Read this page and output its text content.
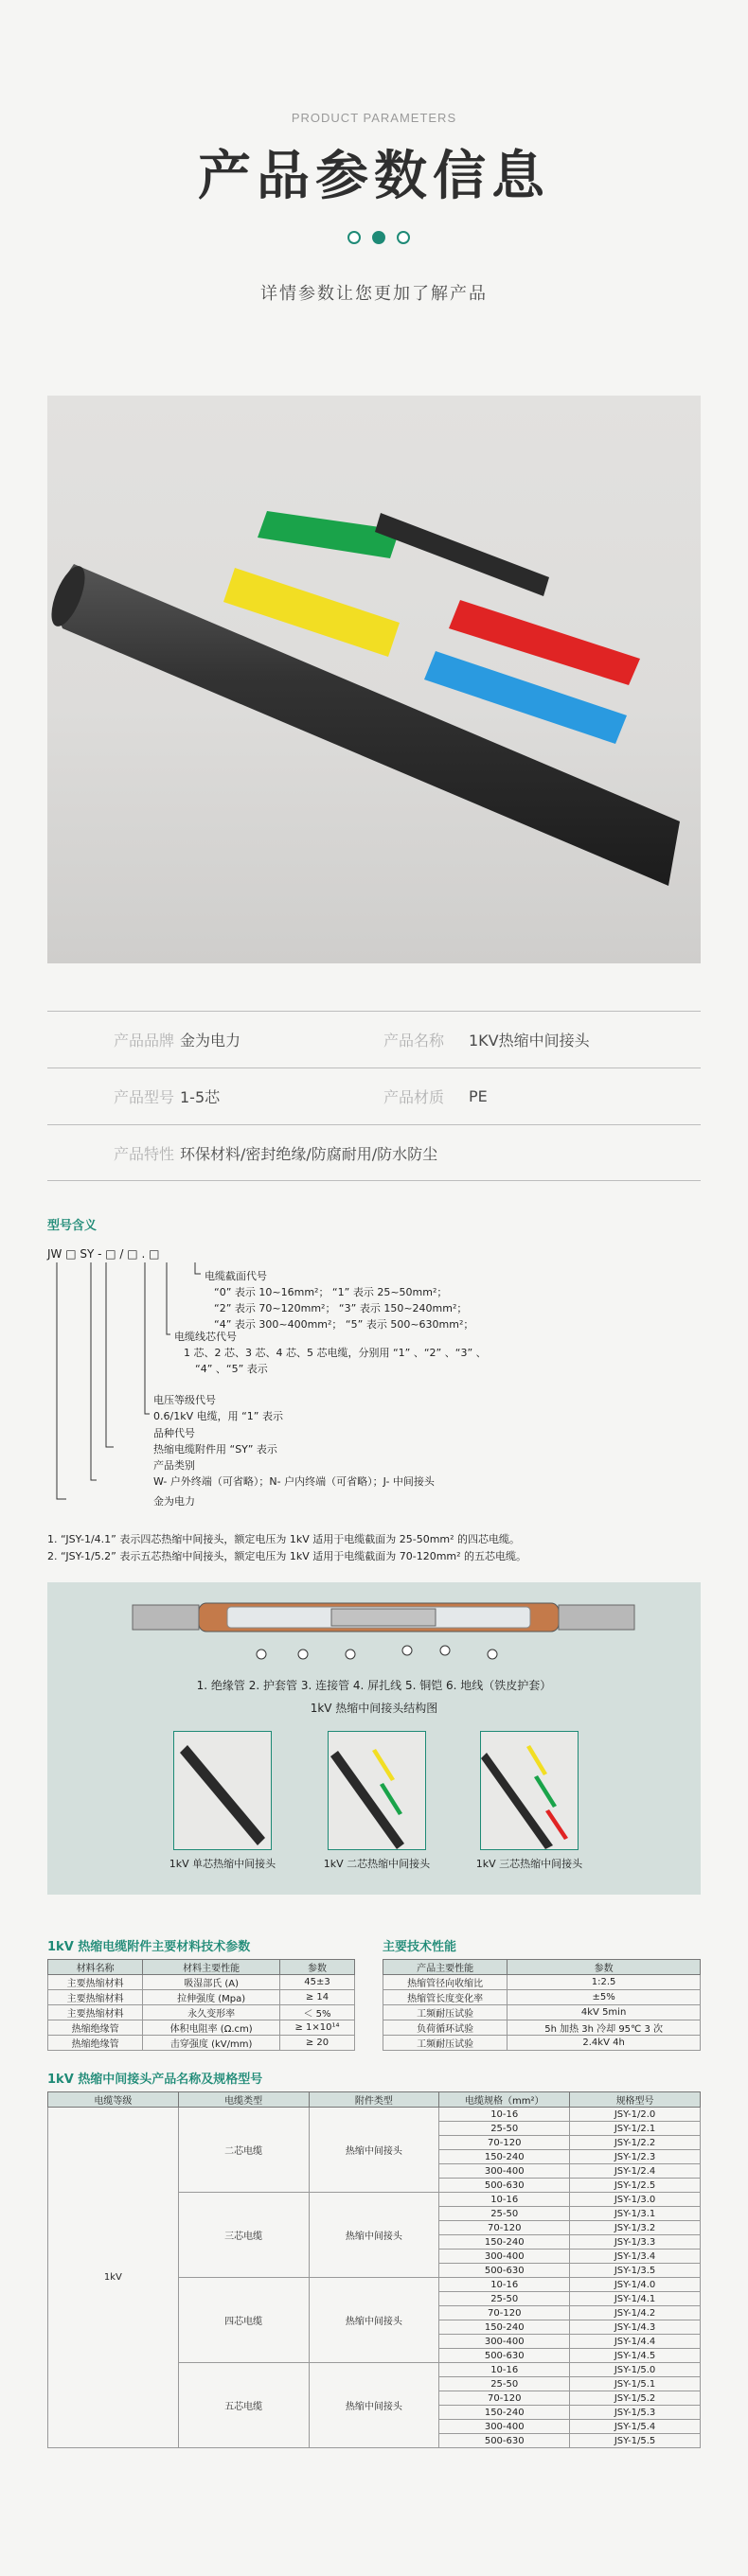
PRODUCT PARAMETERS
产品参数信息
详情参数让您更加了解产品
产品品牌 金为电力	产品名称	1KV热缩中间接头
产品型号 1-5芯	产品材质	PE
产品特性 环保材料/密封绝缘/防腐耐用/防水防尘
型号含义
JW □ SY - □ / □ . □
电缆截面代号
“0” 表示 10~16mm²； “1” 表示 25~50mm²；
“2” 表示 70~120mm²； “3” 表示 150~240mm²；
“4” 表示 300~400mm²； “5” 表示 500~630mm²；
电缆线芯代号
1 芯、2 芯、3 芯、4 芯、5 芯电缆，分别用 “1” 、“2” 、“3” 、
“4” 、“5” 表示
电压等级代号
0.6/1kV 电缆，用 “1” 表示
品种代号
热缩电缆附件用 “SY” 表示
产品类别
W- 户外终端（可省略）；N- 户内终端（可省略）；J- 中间接头
金为电力
1. “JSY-1/4.1” 表示四芯热缩中间接头，额定电压为 1kV 适用于电缆截面为 25-50mm² 的四芯电缆。
2. “JSY-1/5.2” 表示五芯热缩中间接头，额定电压为 1kV 适用于电缆截面为 70-120mm² 的五芯电缆。
1. 绝缘管 2. 护套管 3. 连接管 4. 屏扎线 5. 铜铠 6. 地线（铁皮护套）
1kV 热缩中间接头结构图
1kV 单芯热缩中间接头	1kV 二芯热缩中间接头	1kV 三芯热缩中间接头
1kV 热缩电缆附件主要材料技术参数
材料名称	材料主要性能	参数
主要热缩材料	吸湿部氏 (A)	45±3
主要热缩材料	拉伸强度 (Mpa)	≥ 14
主要热缩材料	永久变形率	＜ 5%
热缩绝缘管	体积电阻率 (Ω.cm)	≥ 1×10¹⁴
热缩绝缘管	击穿强度 (kV/mm)	≥ 20
主要技术性能
产品主要性能	参数
热缩管径向收缩比	1:2.5
热缩管长度变化率	±5%
工频耐压试验	4kV 5min
负荷循环试验	5h 加热 3h 冷却 95℃ 3 次
工频耐压试验	2.4kV 4h
1kV 热缩中间接头产品名称及规格型号
电缆等级	电缆类型	附件类型	电缆规格（mm²）	规格型号
1kV	二芯电缆	热缩中间接头	10-16	JSY-1/2.0
			25-50	JSY-1/2.1
			70-120	JSY-1/2.2
			150-240	JSY-1/2.3
			300-400	JSY-1/2.4
			500-630	JSY-1/2.5
	三芯电缆	热缩中间接头	10-16	JSY-1/3.0
			25-50	JSY-1/3.1
			70-120	JSY-1/3.2
			150-240	JSY-1/3.3
			300-400	JSY-1/3.4
			500-630	JSY-1/3.5
	四芯电缆	热缩中间接头	10-16	JSY-1/4.0
			25-50	JSY-1/4.1
			70-120	JSY-1/4.2
			150-240	JSY-1/4.3
			300-400	JSY-1/4.4
			500-630	JSY-1/4.5
	五芯电缆	热缩中间接头	10-16	JSY-1/5.0
			25-50	JSY-1/5.1
			70-120	JSY-1/5.2
			150-240	JSY-1/5.3
			300-400	JSY-1/5.4
			500-630	JSY-1/5.5
